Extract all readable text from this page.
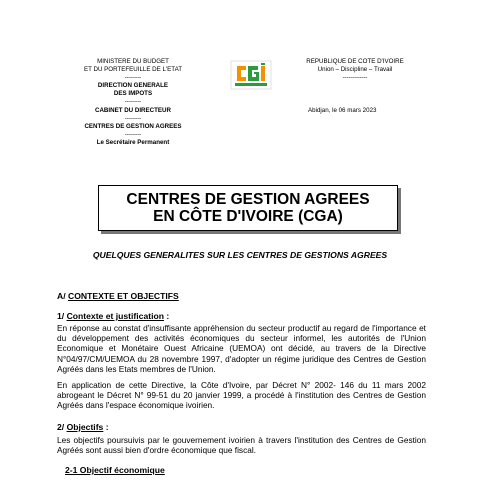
MINISTERE DU BUDGET
ET DU PORTEFEUILLE DE L'ETAT
--------
DIRECTION GENERALE
DES IMPOTS
--------
CABINET DU DIRECTEUR
--------
CENTRES DE GESTION AGREES
--------
Le Secrétaire Permanent
REPUBLIQUE DE COTE D'IVOIRE
Union – Discipline – Travail
------------
Abidjan, le 06 mars 2023
CENTRES DE GESTION AGREES
EN CÔTE D'IVOIRE (CGA)
QUELQUES GENERALITES SUR LES CENTRES DE GESTIONS AGREES
A/ CONTEXTE ET OBJECTIFS
1/ Contexte et justification :
En réponse au constat d'insuffisante appréhension du secteur productif au regard de l'importance et du développement des activités économiques du secteur informel, les autorités de l'Union Economique et Monétaire Ouest Africaine (UEMOA) ont décidé, au travers de la Directive N°04/97/CM/UEMOA du 28 novembre 1997, d'adopter un régime juridique des Centres de Gestion Agréés dans les Etats membres de l'Union.
En application de cette Directive, la Côte d'Ivoire, par Décret N° 2002- 146 du 11 mars 2002 abrogeant le Décret N° 99-51 du 20 janvier 1999, a procédé à l'institution des Centres de Gestion Agréés dans l'espace économique ivoirien.
2/ Objectifs :
Les objectifs poursuivis par le gouvernement ivoirien à travers l'institution des Centres de Gestion Agréés sont aussi bien d'ordre économique que fiscal.
2-1 Objectif économique
